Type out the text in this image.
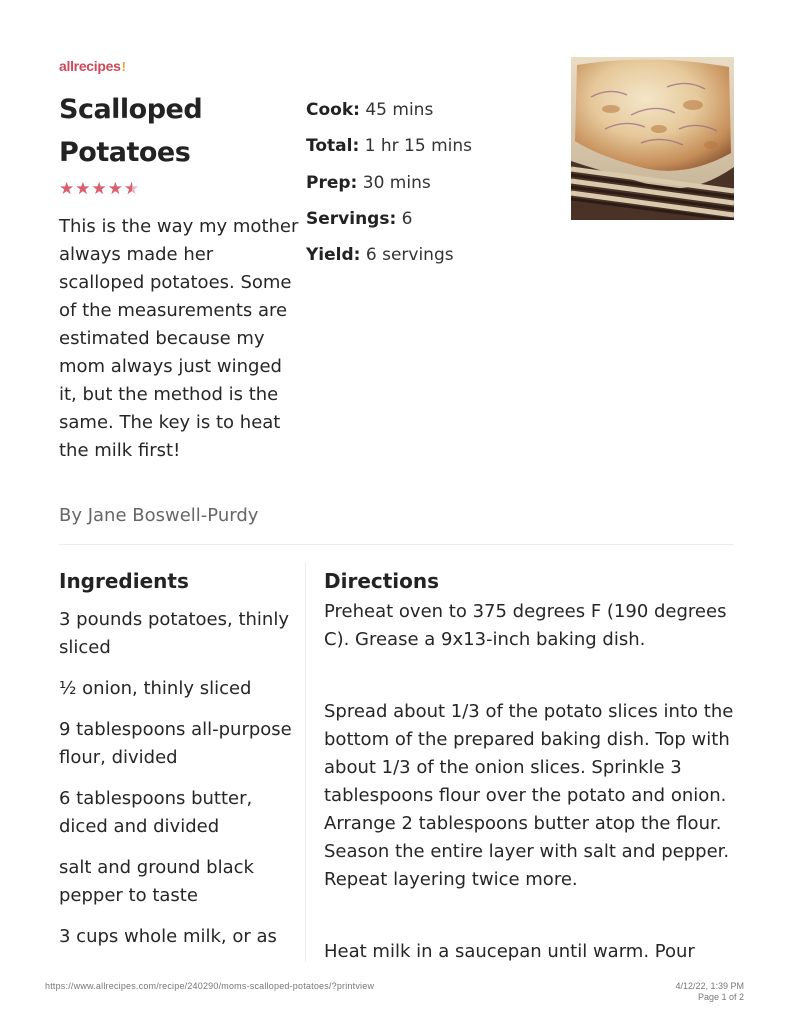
allrecipes!
Scalloped Potatoes
★★★★★ ★

This is the way my mother always made her scalloped potatoes. Some of the measurements are estimated because my mom always just winged it, but the method is the same. The key is to heat the milk first!

By Jane Boswell-Purdy
Cook: 45 mins
Total: 1 hr 15 mins
Prep: 30 mins
Servings: 6
Yield: 6 servings
Ingredients
3 pounds potatoes, thinly sliced
½ onion, thinly sliced
9 tablespoons all-purpose flour, divided
6 tablespoons butter, diced and divided
salt and ground black pepper to taste
3 cups whole milk, or as
Directions
Preheat oven to 375 degrees F (190 degrees C). Grease a 9x13-inch baking dish.
Spread about 1/3 of the potato slices into the bottom of the prepared baking dish. Top with about 1/3 of the onion slices. Sprinkle 3 tablespoons flour over the potato and onion. Arrange 2 tablespoons butter atop the flour. Season the entire layer with salt and pepper. Repeat layering twice more.
Heat milk in a saucepan until warm. Pour
https://www.allrecipes.com/recipe/240290/moms-scalloped-potatoes/?printview	4/12/22, 1:39 PM
Page 1 of 2
